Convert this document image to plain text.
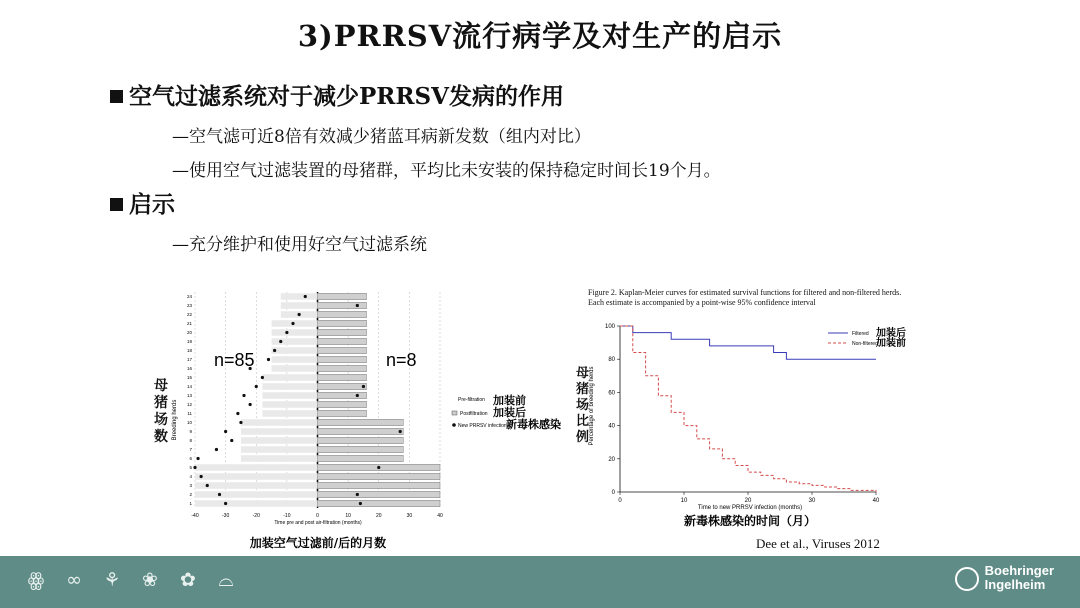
3)PRRSV流行病学及对生产的启示
空气过滤系统对于减少PRRSV发病的作用
—空气滤可近8倍有效减少猪蓝耳病新发数（组内对比）
—使用空气过滤装置的母猪群，平均比未安装的保持稳定时间长19个月。
启示
—充分维护和使用好空气过滤系统
-40	-30	-20	-10	0	10	20	30	40
1
2
3
4
5
6
7
8
9
10
11
12
13
14
15
16
17
18
19
20
21
22
23
24
Breeding herds
Time pre and post air-filtration (months)
加装空气过滤前/后的月数
n=85	n=8
Pre-filtration 加装前
Postfiltration 加装后
New PRRSV infection 新毒株感染
母猪场数
Figure 2. Kaplan-Meier curves for estimated survival functions for filtered and non-filtered herds. Each estimate is accompanied by a point-wise 95% confidence interval
0	10	20	30	40
0
20
40
60
80
100
Percentage of breeding herds
Time to new PRRSV infection (months)
新毒株感染的时间（月）
Filtered 加装后
Non-filtered
加装前
母猪场比例
Dee et al., Viruses 2012
ꙮ ∞ ⚘ ❀ ✿ ⌓	Boehringer
Ingelheim
